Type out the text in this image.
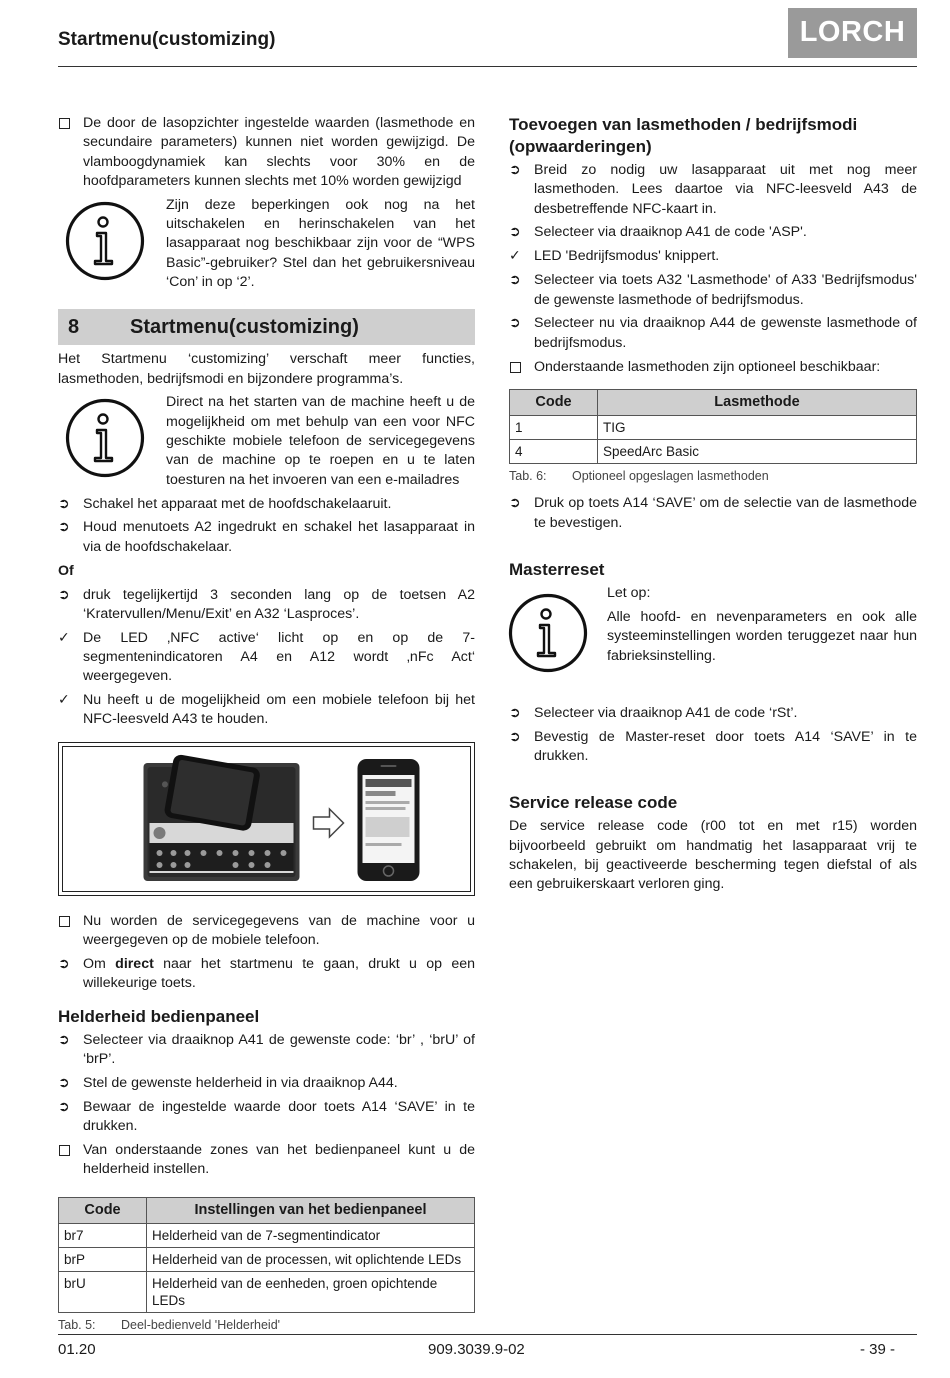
Startmenu(customizing)	LORCH
De door de lasopzichter ingestelde waarden (lasmethode en secundaire parameters) kunnen niet worden gewijzigd. De vlamboogdynamiek kan slechts voor 30% en de hoofdparameters kunnen slechts met 10% worden gewijzigd
Zijn deze beperkingen ook nog na het uitschakelen en herinschakelen van het lasapparaat nog beschikbaar zijn voor de “WPS Basic”-gebruiker? Stel dan het gebruikersniveau ‘Con’ in op ‘2’.
8	Startmenu(customizing)
Het Startmenu ‘customizing’ verschaft meer functies, lasmethoden, bedrijfsmodi en bijzondere programma’s.
Direct na het starten van de machine heeft u de mogelijkheid om met behulp van een voor NFC geschikte mobiele telefoon de servicegegevens van de machine op te roepen en u te laten toesturen na het invoeren van een e-mailadres
➲ Schakel het apparaat met de hoofdschakelaaruit.
➲ Houd menutoets A2 ingedrukt en schakel het lasapparaat in via de hoofdschakelaar.
Of
➲ druk tegelijkertijd 3 seconden lang op de toetsen A2 ‘Kratervullen/Menu/Exit’ en A32 ‘Lasproces’.
✓ De LED ‚NFC active‘ licht op en op de 7-segmentenindicatoren A4 en A12 wordt ‚nFc Act‘ weergegeven.
✓ Nu heeft u de mogelijkheid om een mobiele telefoon bij het NFC-leesveld A43 te houden.
Nu worden de servicegegevens van de machine voor u weergegeven op de mobiele telefoon.
➲ Om direct naar het startmenu te gaan, drukt u op een willekeurige toets.
Helderheid bedienpaneel
➲ Selecteer via draaiknop A41 de gewenste code: ‘br’ , ‘brU’ of ‘brP’.
➲ Stel de gewenste helderheid in via draaiknop A44.
➲ Bewaar de ingestelde waarde door toets A14 ‘SAVE’ in te drukken.
Van onderstaande zones van het bedienpaneel kunt u de helderheid instellen.
Code	Instellingen van het bedienpaneel
br7	Helderheid van de 7-segmentindicator
brP	Helderheid van de processen, wit oplichtende LEDs
brU	Helderheid van de eenheden, groen opichtende LEDs
Tab. 5:	Deel-bedienveld 'Helderheid'
Toevoegen van lasmethoden / bedrijfsmodi (opwaarderingen)
➲ Breid zo nodig uw lasapparaat uit met nog meer lasmethoden. Lees daartoe via NFC-leesveld A43 de desbetreffende NFC-kaart in.
➲ Selecteer via draaiknop A41 de code 'ASP'.
✓ LED 'Bedrijfsmodus' knippert.
➲ Selecteer via toets A32 'Lasmethode' of A33 'Bedrijfsmodus' de gewenste lasmethode of bedrijfsmodus.
➲ Selecteer nu via draaiknop A44 de gewenste lasmethode of bedrijfsmodus.
Onderstaande lasmethoden zijn optioneel beschikbaar:
Code	Lasmethode
1	TIG
4	SpeedArc Basic
Tab. 6:	Optioneel opgeslagen lasmethoden
➲ Druk op toets A14 ‘SAVE’ om de selectie van de lasmethode te bevestigen.
Masterreset
Let op:
Alle hoofd- en nevenparameters en ook alle systeeminstellingen worden teruggezet naar hun fabrieksinstelling.
➲ Selecteer via draaiknop A41 de code ‘rSt’.
➲ Bevestig de Master-reset door toets A14 ‘SAVE’ in te drukken.
Service release code
De service release code (r00 tot en met r15) worden bijvoorbeeld gebruikt om handmatig het lasapparaat vrij te schakelen, bij geactiveerde bescherming tegen diefstal of als een gebruikerskaart verloren ging.
01.20	909.3039.9-02	- 39 -
